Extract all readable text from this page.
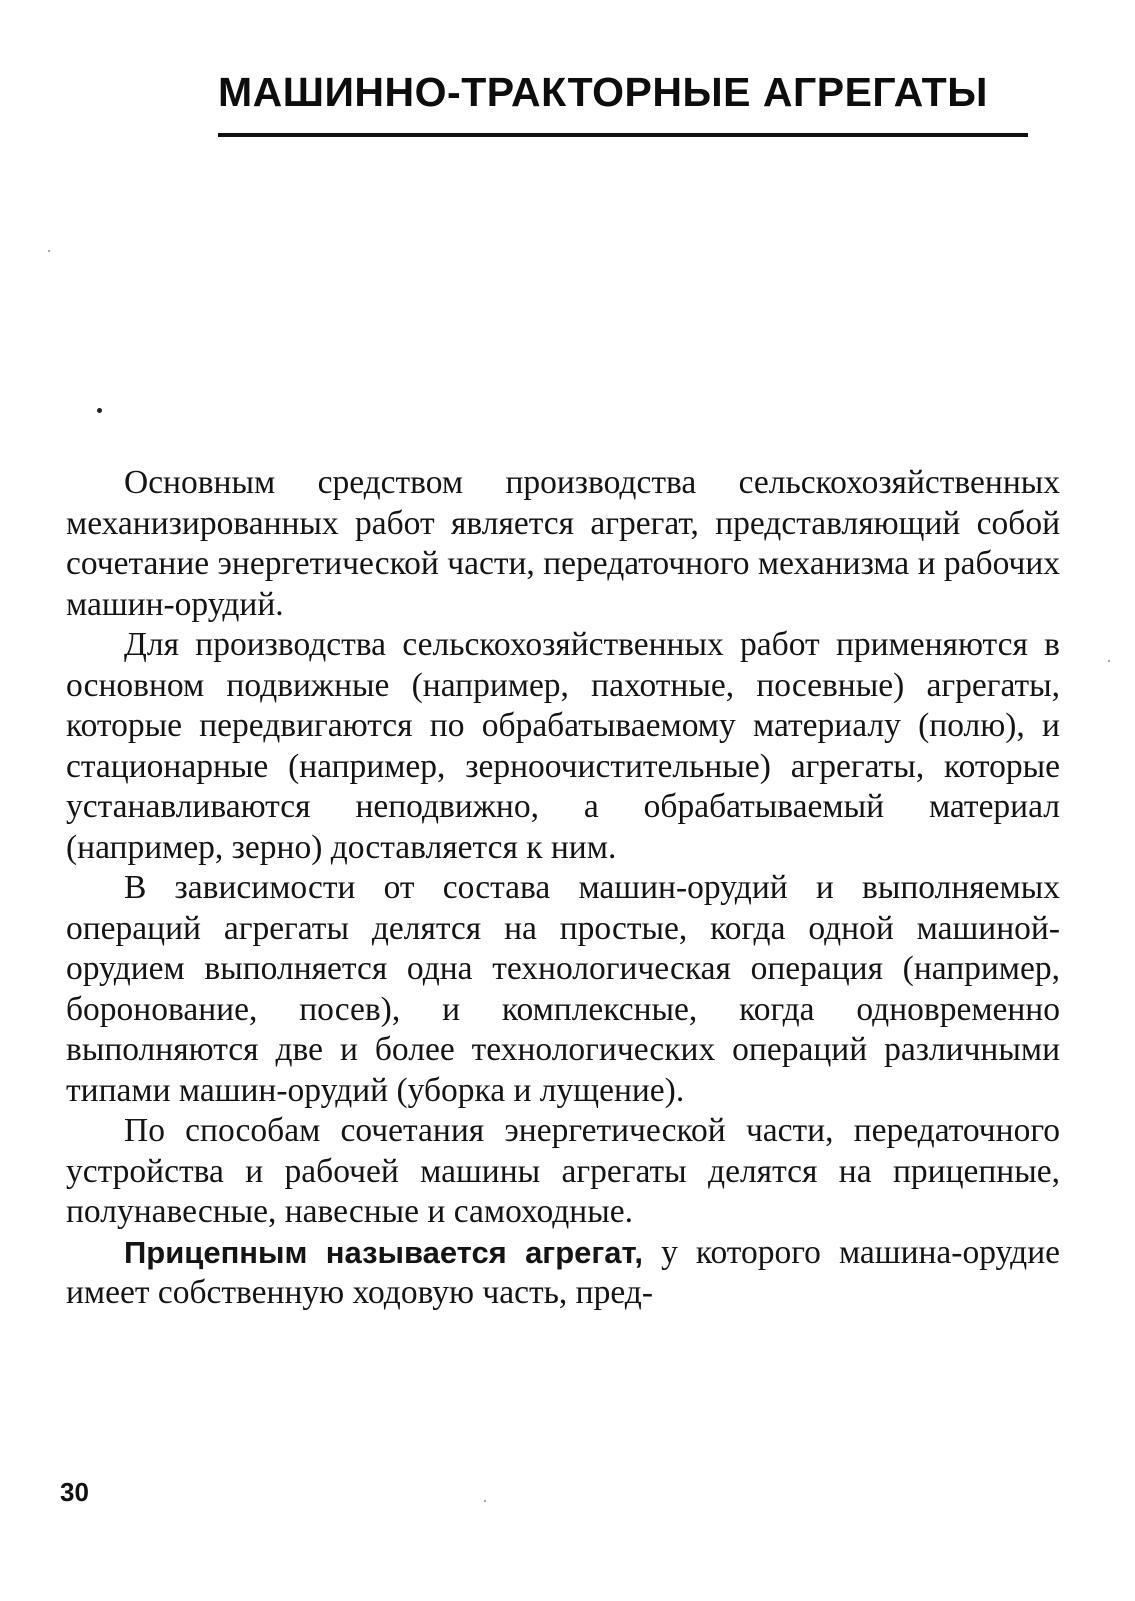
МАШИННО-ТРАКТОРНЫЕ АГРЕГАТЫ

Основным средством производства сельскохозяйственных механизированных работ является агрегат, представляющий собой сочетание энергетической части, передаточного механизма и рабочих машин-орудий.

Для производства сельскохозяйственных работ применяются в основном подвижные (например, пахотные, посевные) агрегаты, которые передвигаются по обрабатываемому материалу (полю), и стационарные (например, зерноочистительные) агрегаты, которые устанавливаются неподвижно, а обрабатываемый материал (например, зерно) доставляется к ним.

В зависимости от состава машин-орудий и выполняемых операций агрегаты делятся на простые, когда одной машиной-орудием выполняется одна технологическая операция (например, боронование, посев), и комплексные, когда одновременно выполняются две и более технологических операций различными типами машин-орудий (уборка и лущение).

По способам сочетания энергетической части, передаточного устройства и рабочей машины агрегаты делятся на прицепные, полунавесные, навесные и самоходные.

Прицепным называется агрегат, у которого машина-орудие имеет собственную ходовую часть, пред-

30
